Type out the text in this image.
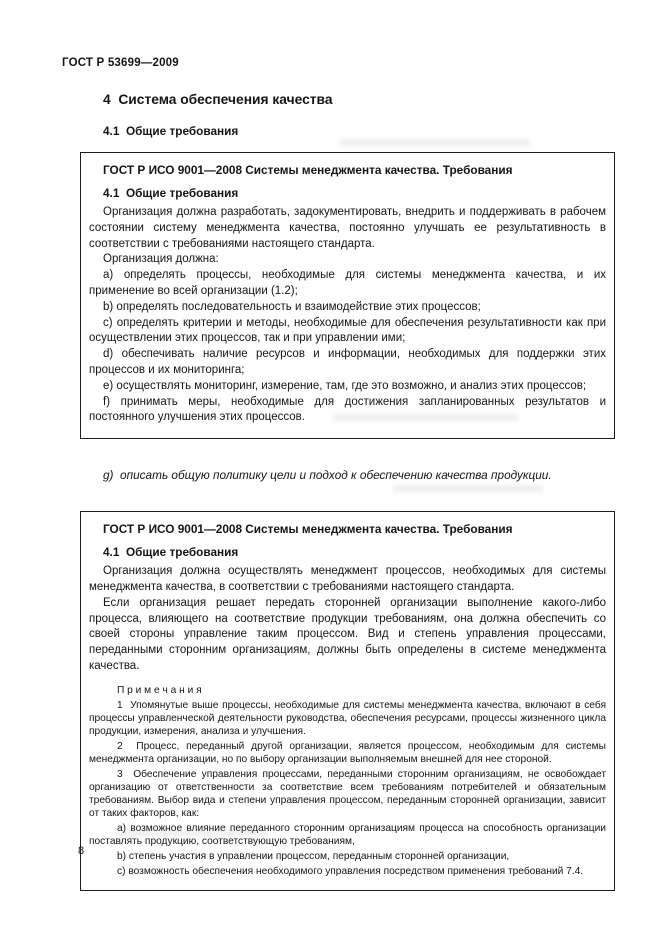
ГОСТ Р 53699—2009
4  Система обеспечения качества
4.1  Общие требования

ГОСТ Р ИСО 9001—2008 Системы менеджмента качества. Требования

4.1  Общие требования

Организация должна разработать, задокументировать, внедрить и поддерживать в рабочем состоянии систему менеджмента качества, постоянно улучшать ее результативность в соответствии с требованиями настоящего стандарта.

Организация должна:

a) определять процессы, необходимые для системы менеджмента качества, и их применение во всей организации (1.2);

b) определять последовательность и взаимодействие этих процессов;

c) определять критерии и методы, необходимые для обеспечения результативности как при осуществлении этих процессов, так и при управлении ими;

d) обеспечивать наличие ресурсов и информации, необходимых для поддержки этих процессов и их мониторинга;

e) осуществлять мониторинг, измерение, там, где это возможно, и анализ этих процессов;

f) принимать меры, необходимые для достижения запланированных результатов и постоянного улучшения этих процессов.

g)  описать общую политику цели и подход к обеспечению качества продукции.

ГОСТ Р ИСО 9001—2008 Системы менеджмента качества. Требования

4.1  Общие требования

Организация должна осуществлять менеджмент процессов, необходимых для системы менеджмента качества, в соответствии с требованиями настоящего стандарта.

Если организация решает передать сторонней организации выполнение какого-либо процесса, влияющего на соответствие продукции требованиям, она должна обеспечить со своей стороны управление таким процессом. Вид и степень управления процессами, переданными сторонним организациям, должны быть определены в системе менеджмента качества.

П р и м е ч а н и я

1  Упомянутые выше процессы, необходимые для системы менеджмента качества, включают в себя процессы управленческой деятельности руководства, обеспечения ресурсами, процессы жизненного цикла продукции, измерения, анализа и улучшения.

2  Процесс, переданный другой организации, является процессом, необходимым для системы менеджмента организации, но по выбору организации выполняемым внешней для нее стороной.

3  Обеспечение управления процессами, переданными сторонним организациям, не освобождает организацию от ответственности за соответствие всем требованиям потребителей и обязательным требованиям. Выбор вида и степени управления процессом, переданным сторонней организации, зависит от таких факторов, как:

a) возможное влияние переданного сторонним организациям процесса на способность организации поставлять продукцию, соответствующую требованиям,

b) степень участия в управлении процессом, переданным сторонней организации,

c) возможность обеспечения необходимого управления посредством применения требований 7.4.

8
